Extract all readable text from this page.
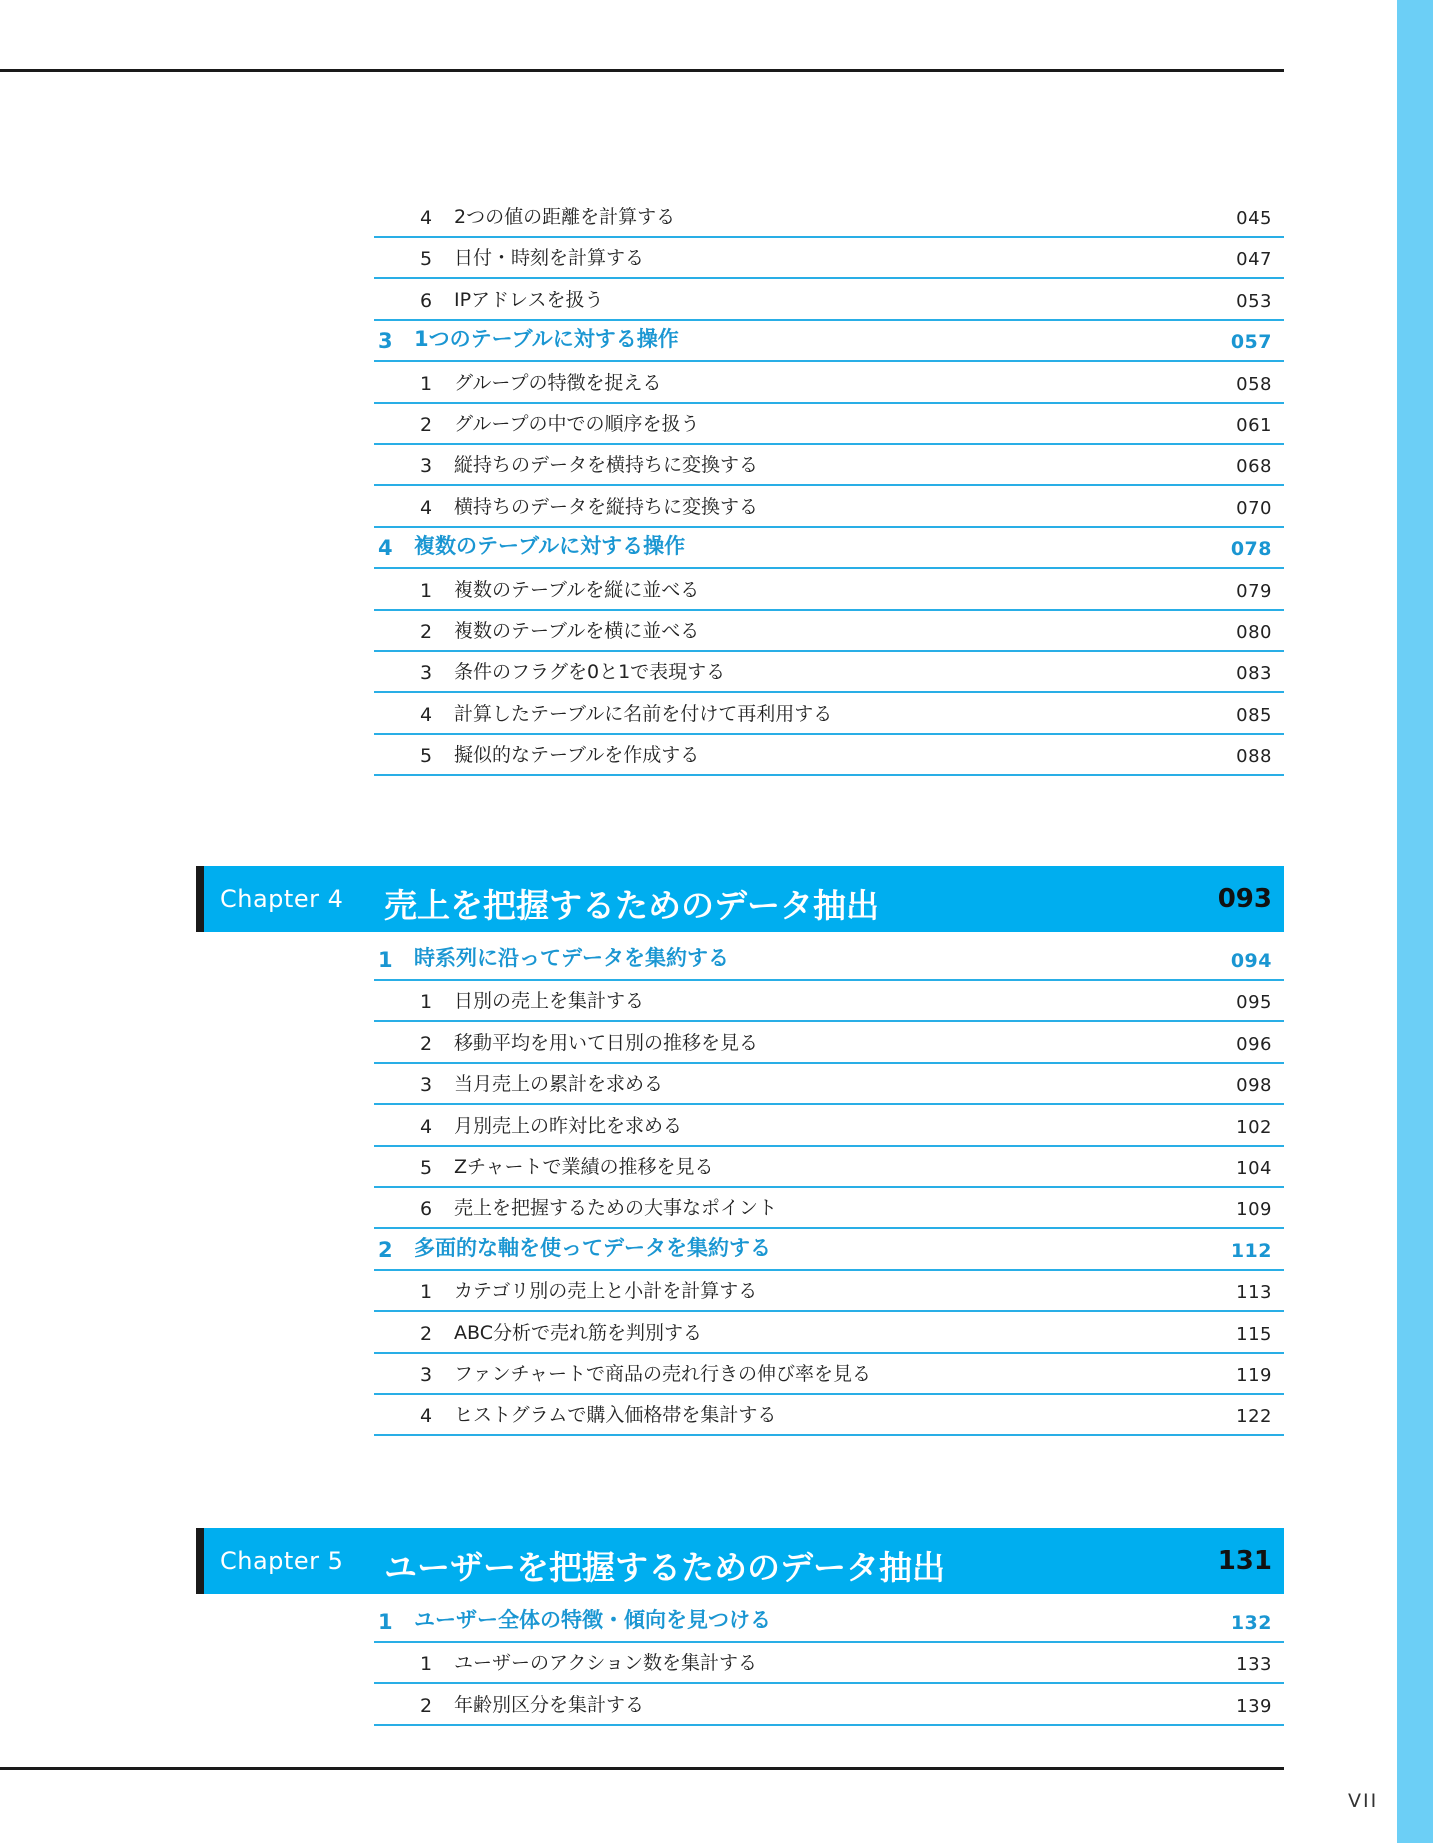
4 2つの値の距離を計算する	045
5 日付・時刻を計算する	047
6 IPアドレスを扱う	053
3 1つのテーブルに対する操作	057
1 グループの特徴を捉える	058
2 グループの中での順序を扱う	061
3 縦持ちのデータを横持ちに変換する	068
4 横持ちのデータを縦持ちに変換する	070
4 複数のテーブルに対する操作	078
1 複数のテーブルを縦に並べる	079
2 複数のテーブルを横に並べる	080
3 条件のフラグを0と1で表現する	083
4 計算したテーブルに名前を付けて再利用する	085
5 擬似的なテーブルを作成する	088
Chapter 4 売上を把握するためのデータ抽出	093
1 時系列に沿ってデータを集約する	094
1 日別の売上を集計する	095
2 移動平均を用いて日別の推移を見る	096
3 当月売上の累計を求める	098
4 月別売上の昨対比を求める	102
5 Zチャートで業績の推移を見る	104
6 売上を把握するための大事なポイント	109
2 多面的な軸を使ってデータを集約する	112
1 カテゴリ別の売上と小計を計算する	113
2 ABC分析で売れ筋を判別する	115
3 ファンチャートで商品の売れ行きの伸び率を見る	119
4 ヒストグラムで購入価格帯を集計する	122
Chapter 5 ユーザーを把握するためのデータ抽出	131
1 ユーザー全体の特徴・傾向を見つける	132
1 ユーザーのアクション数を集計する	133
2 年齢別区分を集計する	139
VII
